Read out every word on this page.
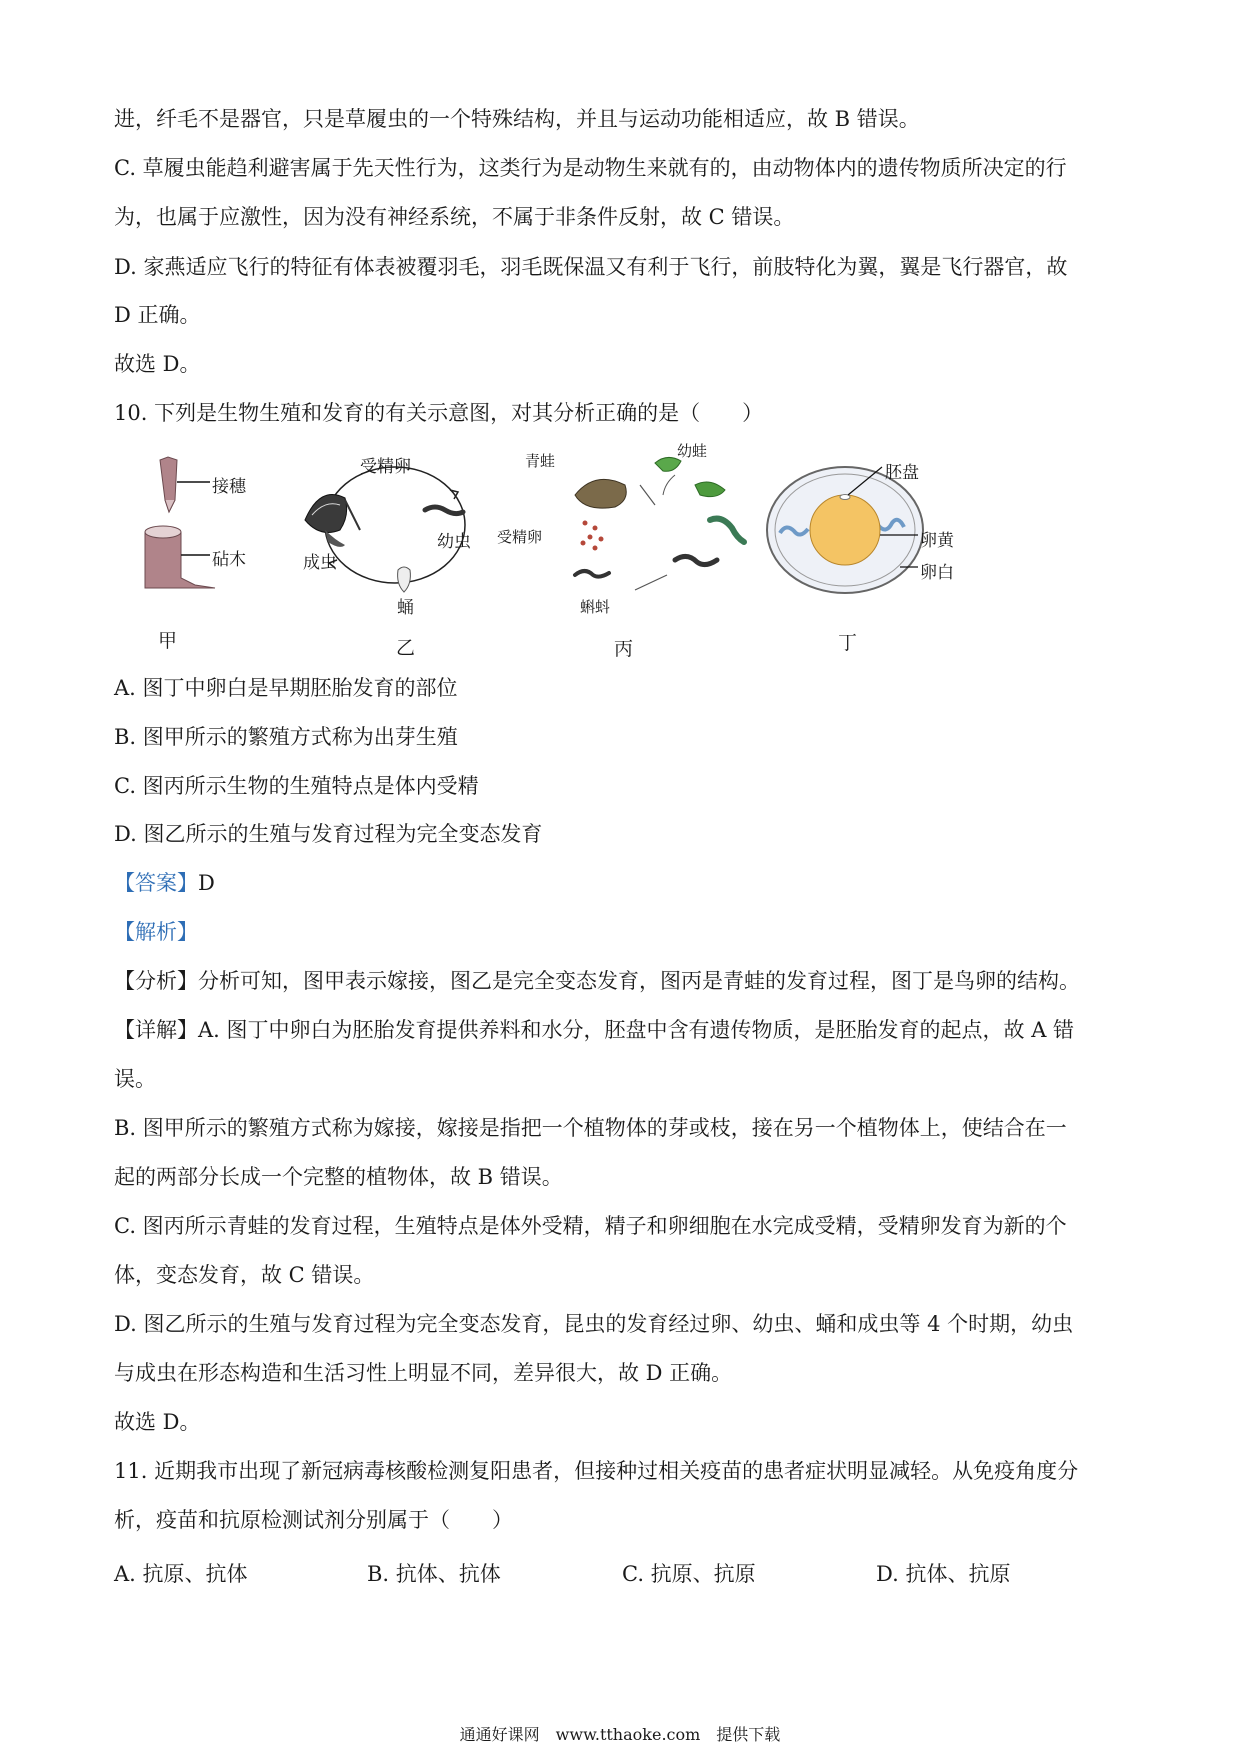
进，纤毛不是器官，只是草履虫的一个特殊结构，并且与运动功能相适应，故 B 错误。
C. 草履虫能趋利避害属于先天性行为，这类行为是动物生来就有的，由动物体内的遗传物质所决定的行
为，也属于应激性，因为没有神经系统，不属于非条件反射，故 C 错误。
D. 家燕适应飞行的特征有体表被覆羽毛，羽毛既保温又有利于飞行，前肢特化为翼，翼是飞行器官，故
D 正确。
故选 D。
10. 下列是生物生殖和发育的有关示意图，对其分析正确的是（　　）
接穗
砧木
甲
受精卵
幼虫
成虫
蛹
乙
青蛙
幼蛙
受精卵
蝌蚪
丙
胚盘
卵黄
卵白
丁
A. 图丁中卵白是早期胚胎发育的部位
B. 图甲所示的繁殖方式称为出芽生殖
C. 图丙所示生物的生殖特点是体内受精
D. 图乙所示的生殖与发育过程为完全变态发育
【答案】D
【解析】
【分析】分析可知，图甲表示嫁接，图乙是完全变态发育，图丙是青蛙的发育过程，图丁是鸟卵的结构。
【详解】A. 图丁中卵白为胚胎发育提供养料和水分，胚盘中含有遗传物质，是胚胎发育的起点，故 A 错
误。
B. 图甲所示的繁殖方式称为嫁接，嫁接是指把一个植物体的芽或枝，接在另一个植物体上，使结合在一
起的两部分长成一个完整的植物体，故 B 错误。
C. 图丙所示青蛙的发育过程，生殖特点是体外受精，精子和卵细胞在水完成受精，受精卵发育为新的个
体，变态发育，故 C 错误。
D. 图乙所示的生殖与发育过程为完全变态发育，昆虫的发育经过卵、幼虫、蛹和成虫等 4 个时期，幼虫
与成虫在形态构造和生活习性上明显不同，差异很大，故 D 正确。
故选 D。
11. 近期我市出现了新冠病毒核酸检测复阳患者，但接种过相关疫苗的患者症状明显减轻。从免疫角度分
析，疫苗和抗原检测试剂分别属于（　　）
A. 抗原、抗体	B. 抗体、抗体	C. 抗原、抗原	D. 抗体、抗原
通通好课网　www.tthaoke.com　提供下载
